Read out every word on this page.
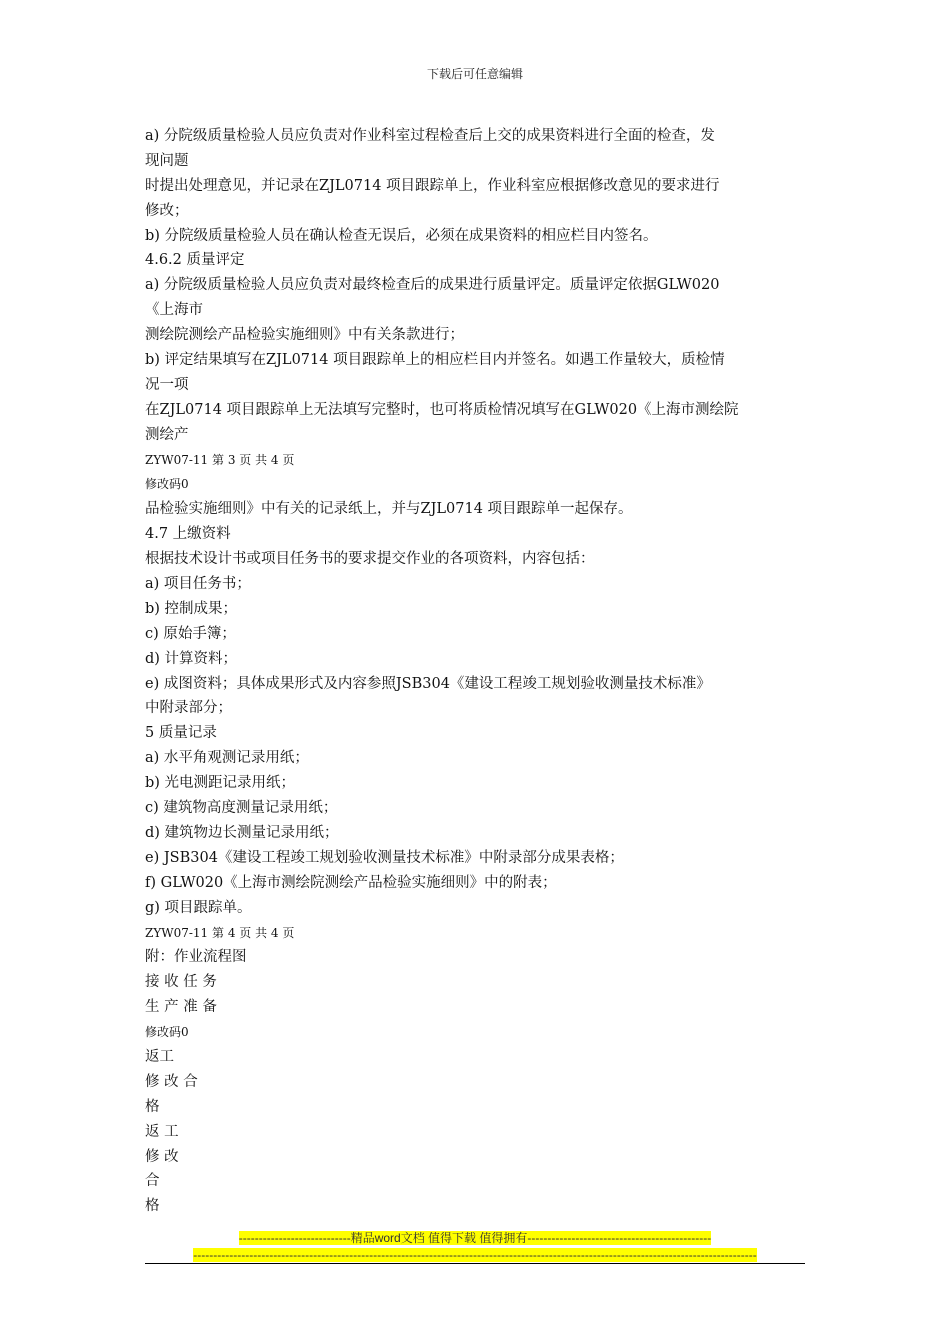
下载后可任意编辑
a) 分院级质量检验人员应负责对作业科室过程检查后上交的成果资料进行全面的检查，发
现问题
时提出处理意见，并记录在ZJL0714 项目跟踪单上，作业科室应根据修改意见的要求进行
修改；
b) 分院级质量检验人员在确认检查无误后，必须在成果资料的相应栏目内签名。
4.6.2 质量评定
a) 分院级质量检验人员应负责对最终检查后的成果进行质量评定。质量评定依据GLW020
《上海市
测绘院测绘产品检验实施细则》中有关条款进行；
b) 评定结果填写在ZJL0714 项目跟踪单上的相应栏目内并签名。如遇工作量较大，质检情
况一项
在ZJL0714 项目跟踪单上无法填写完整时，也可将质检情况填写在GLW020《上海市测绘院
测绘产
ZYW07-11 第 3 页 共 4 页
修改码0
品检验实施细则》中有关的记录纸上，并与ZJL0714 项目跟踪单一起保存。
4.7 上缴资料
根据技术设计书或项目任务书的要求提交作业的各项资料，内容包括：
a) 项目任务书；
b) 控制成果；
c) 原始手簿；
d) 计算资料；
e) 成图资料；具体成果形式及内容参照JSB304《建设工程竣工规划验收测量技术标准》
中附录部分；
5 质量记录
a) 水平角观测记录用纸；
b) 光电测距记录用纸；
c) 建筑物高度测量记录用纸；
d) 建筑物边长测量记录用纸；
e) JSB304《建设工程竣工规划验收测量技术标准》中附录部分成果表格；
f) GLW020《上海市测绘院测绘产品检验实施细则》中的附表；
g) 项目跟踪单。
ZYW07-11 第 4 页 共 4 页
附：作业流程图
接 收 任 务
生 产 准 备
修改码0
返工
修 改 合
格
返 工
修 改
合
格
----------------------------精品word文档 值得下载 值得拥有----------------------------------------------
---------------------------------------------------------------------------------------------------------------------------------------------
